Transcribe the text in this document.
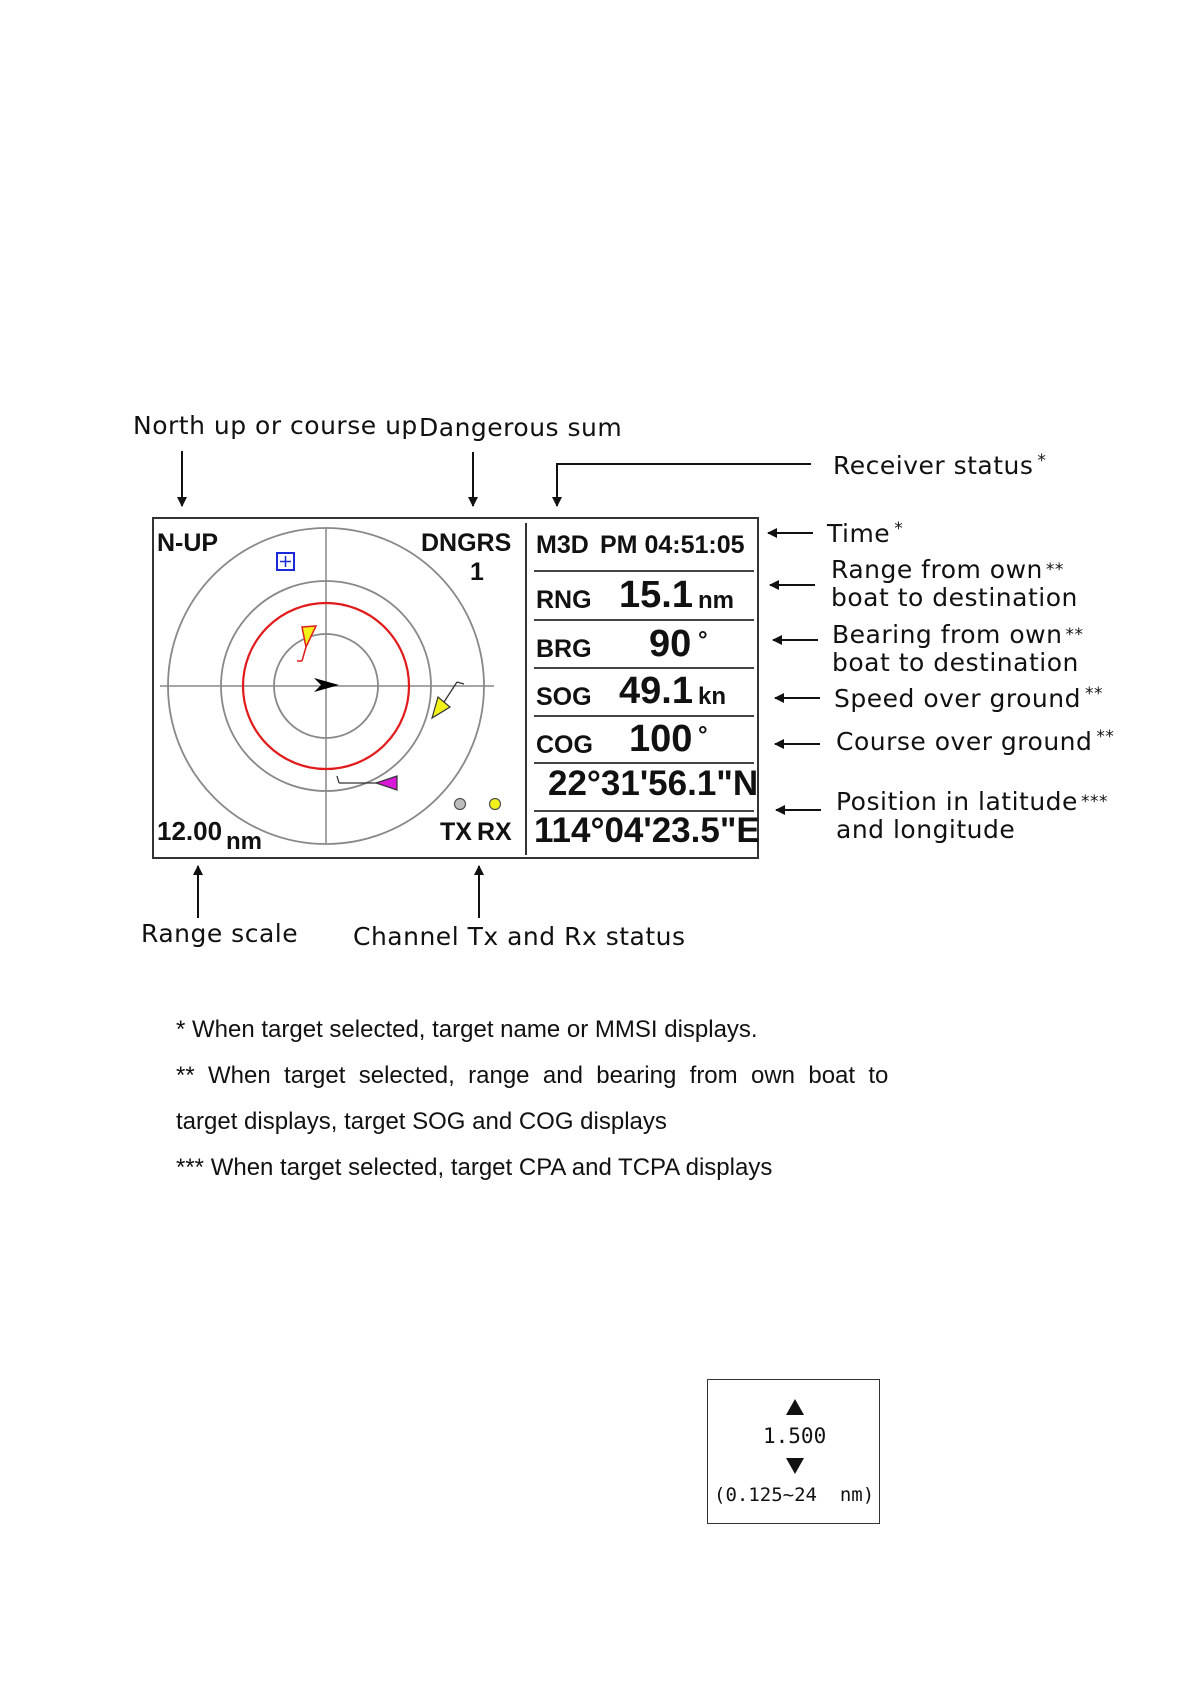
North up or course up Dangerous sum
Receiver status *
Time *
Range from own **
boat to destination
Bearing from own **
boat to destination
Speed over ground **
Course over ground **
Position in latitude ***
and longitude
Range scale Channel Tx and Rx status
N-UP	DNGRS
1
12.00 nm	TX RX
M3D PM 04:51:05
RNG 15.1 nm
BRG 90 °
SOG 49.1 kn
COG 100 °
22°31'56.1"N
114°04'23.5"E
* When target selected, target name or MMSI displays.
**  When  target  selected,  range  and  bearing  from  own  boat  to
target displays, target SOG and COG displays
*** When target selected, target CPA and TCPA displays
1.500
(0.125~24  nm)
